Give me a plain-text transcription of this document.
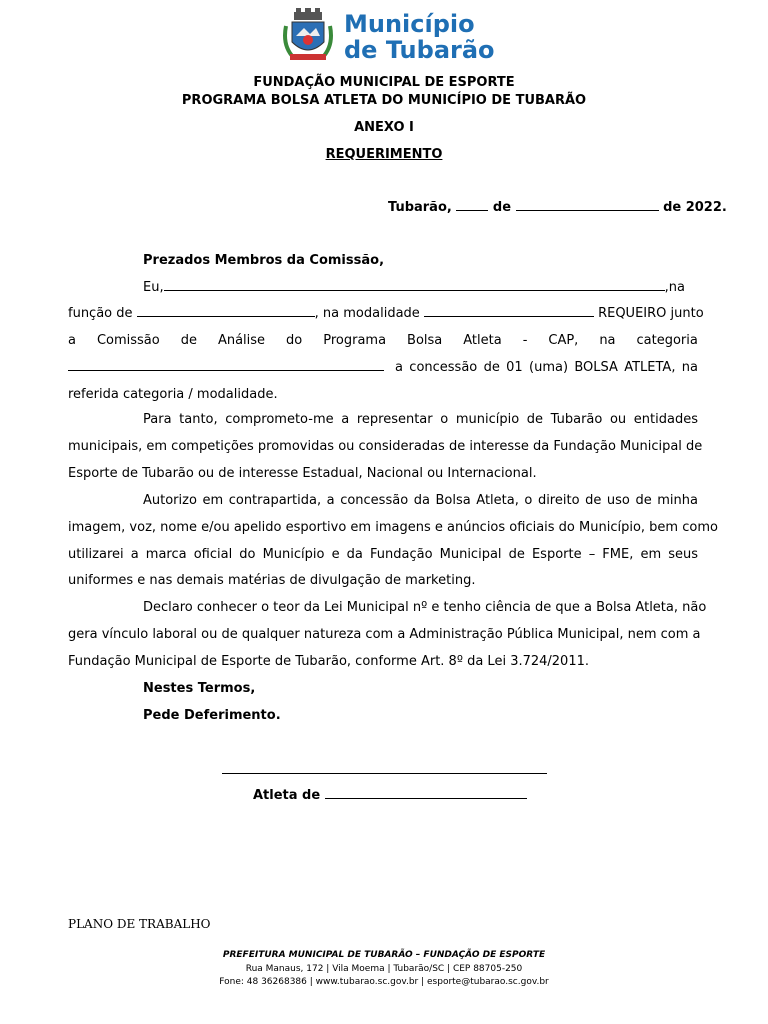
Município
de Tubarão
FUNDAÇÃO MUNICIPAL DE ESPORTE
PROGRAMA BOLSA ATLETA DO MUNICÍPIO DE TUBARÃO
ANEXO I
REQUERIMENTO
Tubarão,  de	de 2022.
Prezados Membros da Comissão,
Eu,	,na
função de	, na modalidade	REQUEIRO junto
a Comissão de Análise do Programa Bolsa Atleta - CAP, na categoria
a concessão de 01 (uma) BOLSA ATLETA, na
referida categoria / modalidade.
Para tanto, comprometo-me a representar o município de Tubarão ou entidades
municipais, em competições promovidas ou consideradas de interesse da Fundação Municipal de
Esporte de Tubarão ou de interesse Estadual, Nacional ou Internacional.
Autorizo em contrapartida, a concessão da Bolsa Atleta, o direito de uso de minha
imagem, voz, nome e/ou apelido esportivo em imagens e anúncios oficiais do Município, bem como
utilizarei a marca oficial do Município e da Fundação Municipal de Esporte – FME, em seus
uniformes e nas demais matérias de divulgação de marketing.
Declaro conhecer o teor da Lei Municipal nº e tenho ciência de que a Bolsa Atleta, não
gera vínculo laboral ou de qualquer natureza com a Administração Pública Municipal, nem com a
Fundação Municipal de Esporte de Tubarão, conforme Art. 8º da Lei 3.724/2011.
Nestes Termos,
Pede Deferimento.
Atleta de
PLANO DE TRABALHO
PREFEITURA MUNICIPAL DE TUBARÃO – FUNDAÇÃO DE ESPORTE
Rua Manaus, 172 | Vila Moema | Tubarão/SC | CEP 88705-250
Fone: 48 36268386 | www.tubarao.sc.gov.br | esporte@tubarao.sc.gov.br
